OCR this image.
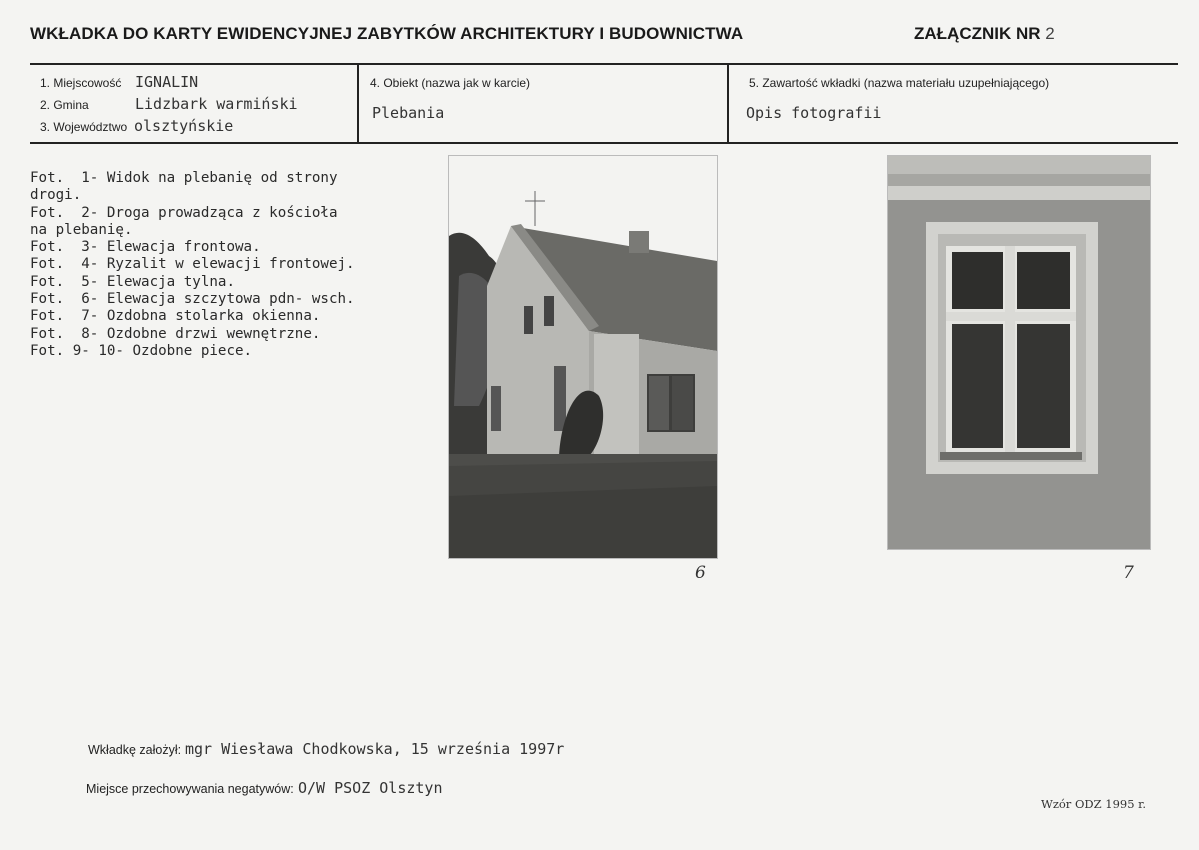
WKŁADKA DO KARTY EWIDENCYJNEJ ZABYTKÓW ARCHITEKTURY I BUDOWNICTWA	ZAŁĄCZNIK NR 2
1. Miejscowość IGNALIN
2. Gmina	Lidzbark warmiński
3. Województwo olsztyńskie
4. Obiekt (nazwa jak w karcie)
Plebania
5. Zawartość wkładki (nazwa materiału uzupełniającego)
Opis fotografii
Fot.  1- Widok na plebanię od strony
drogi.
Fot.  2- Droga prowadząca z kościoła
na plebanię.
Fot.  3- Elewacja frontowa.
Fot.  4- Ryzalit w elewacji frontowej.
Fot.  5- Elewacja tylna.
Fot.  6- Elewacja szczytowa pdn- wsch.
Fot.  7- Ozdobna stolarka okienna.
Fot.  8- Ozdobne drzwi wewnętrzne.
Fot. 9- 10- Ozdobne piece.
6	7
Wkładkę założył: mgr Wiesława Chodkowska, 15 września 1997r
Miejsce przechowywania negatywów: O/W PSOZ Olsztyn
Wzór ODZ 1995 r.
